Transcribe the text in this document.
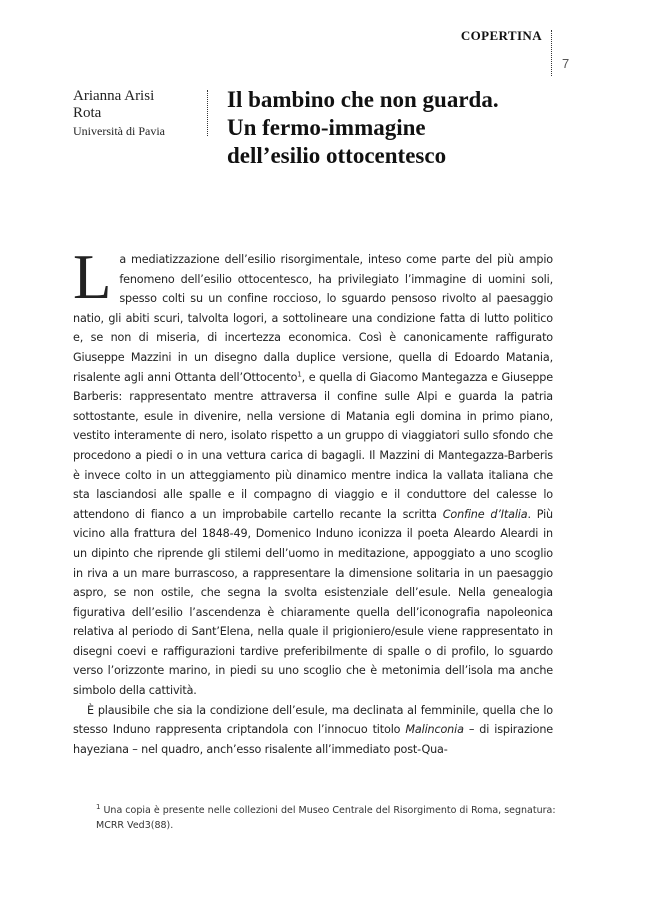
COPERTINA
7
Arianna Arisi
Rota
Università di Pavia
Il bambino che non guarda.
Un fermo-immagine
dell’esilio ottocentesco

La mediatizzazione dell’esilio risorgimentale, inteso come parte del più ampio fenomeno dell’esilio ottocentesco, ha privilegiato l’immagine di uomini soli, spesso colti su un confine roccioso, lo sguardo pensoso rivolto al paesaggio natio, gli abiti scuri, talvolta logori, a sottolineare una condizione fatta di lutto politico e, se non di miseria, di incertezza economica. Così è canonicamente raffigurato Giuseppe Mazzini in un disegno dalla duplice versione, quella di Edoardo Matania, risalente agli anni Ottanta dell’Ottocento$^1$, e quella di Giacomo Mantegazza e Giuseppe Barberis: rappresentato mentre attraversa il confine sulle Alpi e guarda la patria sottostante, esule in divenire, nella versione di Matania egli domina in primo piano, vestito interamente di nero, isolato rispetto a un gruppo di viaggiatori sullo sfondo che procedono a piedi o in una vettura carica di bagagli. Il Mazzini di Mantegazza-Barberis è invece colto in un atteggiamento più dinamico mentre indica la vallata italiana che sta lasciandosi alle spalle e il compagno di viaggio e il conduttore del calesse lo attendono di fianco a un improbabile cartello recante la scritta Confine d’Italia. Più vicino alla frattura del 1848-49, Domenico Induno iconizza il poeta Aleardo Aleardi in un dipinto che riprende gli stilemi dell’uomo in meditazione, appoggiato a uno scoglio in riva a un mare burrascoso, a rappresentare la dimensione solitaria in un paesaggio aspro, se non ostile, che segna la svolta esistenziale dell’esule. Nella genealogia figurativa dell’esilio l’ascendenza è chiaramente quella dell’iconografia napoleonica relativa al periodo di Sant’Elena, nella quale il prigioniero/esule viene rappresentato in disegni coevi e raffigurazioni tardive preferibilmente di spalle o di profilo, lo sguardo verso l’orizzonte marino, in piedi su uno scoglio che è metonimia dell’isola ma anche simbolo della cattività.

È plausibile che sia la condizione dell’esule, ma declinata al femminile, quella che lo stesso Induno rappresenta criptandola con l’innocuo titolo Malinconia – di ispirazione hayeziana – nel quadro, anch’esso risalente all’immediato post-Qua-

$^1$ Una copia è presente nelle collezioni del Museo Centrale del Risorgimento di Roma, segnatura: MCRR Ved3(88).
